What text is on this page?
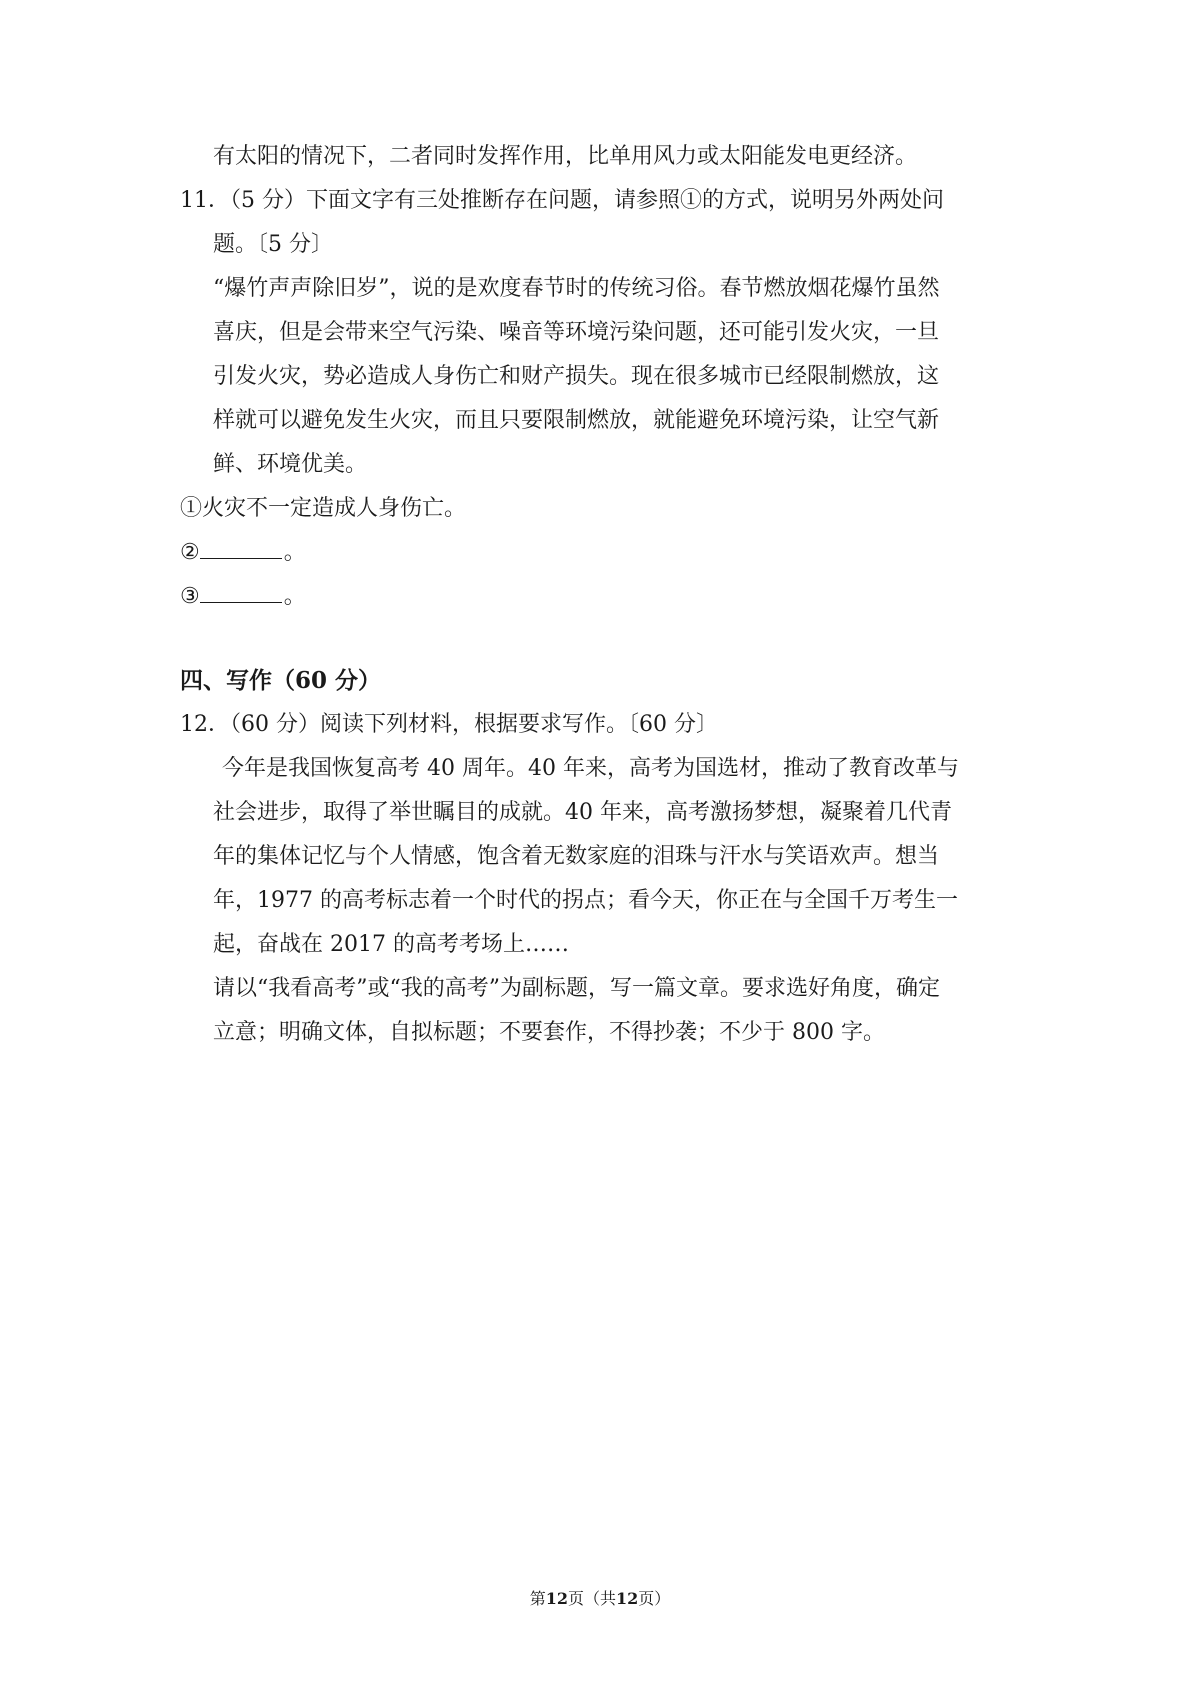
有太阳的情况下，二者同时发挥作用，比单用风力或太阳能发电更经济。
11．（5 分）下面文字有三处推断存在问题，请参照①的方式，说明另外两处问
题。〔5 分〕
“爆竹声声除旧岁”，说的是欢度春节时的传统习俗。春节燃放烟花爆竹虽然
喜庆，但是会带来空气污染、噪音等环境污染问题，还可能引发火灾，一旦
引发火灾，势必造成人身伤亡和财产损失。现在很多城市已经限制燃放，这
样就可以避免发生火灾，而且只要限制燃放，就能避免环境污染，让空气新
鲜、环境优美。
①火灾不一定造成人身伤亡。
②	。
③	。
四、写作（60 分）
12．（60 分）阅读下列材料，根据要求写作。〔60 分〕
今年是我国恢复高考 40 周年。40 年来，高考为国选材，推动了教育改革与
社会进步，取得了举世瞩目的成就。40 年来，高考激扬梦想，凝聚着几代青
年的集体记忆与个人情感，饱含着无数家庭的泪珠与汗水与笑语欢声。想当
年，1977 的高考标志着一个时代的拐点；看今天，你正在与全国千万考生一
起，奋战在 2017 的高考考场上……
请以“我看高考”或“我的高考”为副标题，写一篇文章。要求选好角度，确定
立意；明确文体，自拟标题；不要套作，不得抄袭；不少于 800 字。
第12页（共12页）
